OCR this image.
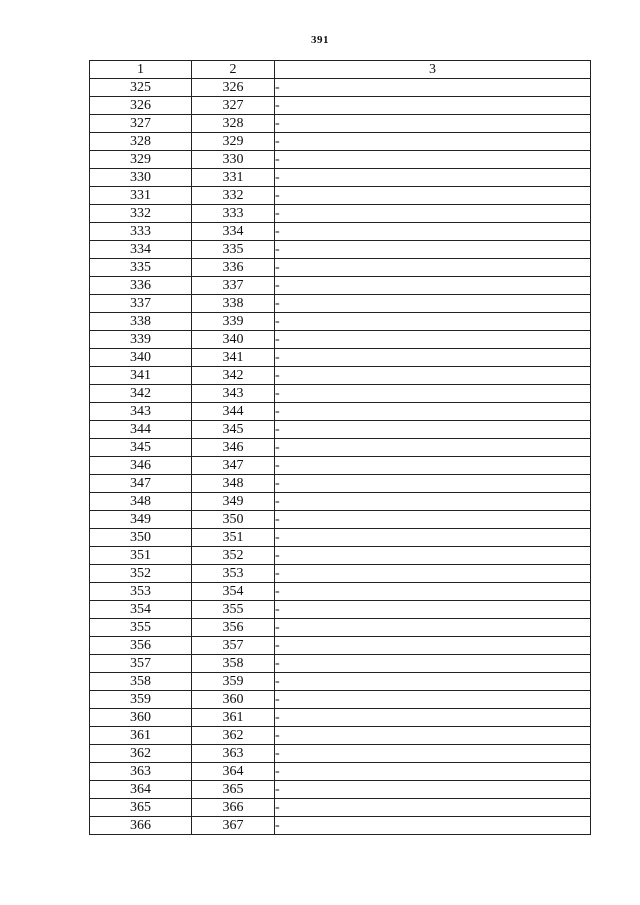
391
1	2	3
325	326	-
326	327	-
327	328	-
328	329	-
329	330	-
330	331	-
331	332	-
332	333	-
333	334	-
334	335	-
335	336	-
336	337	-
337	338	-
338	339	-
339	340	-
340	341	-
341	342	-
342	343	-
343	344	-
344	345	-
345	346	-
346	347	-
347	348	-
348	349	-
349	350	-
350	351	-
351	352	-
352	353	-
353	354	-
354	355	-
355	356	-
356	357	-
357	358	-
358	359	-
359	360	-
360	361	-
361	362	-
362	363	-
363	364	-
364	365	-
365	366	-
366	367	-
